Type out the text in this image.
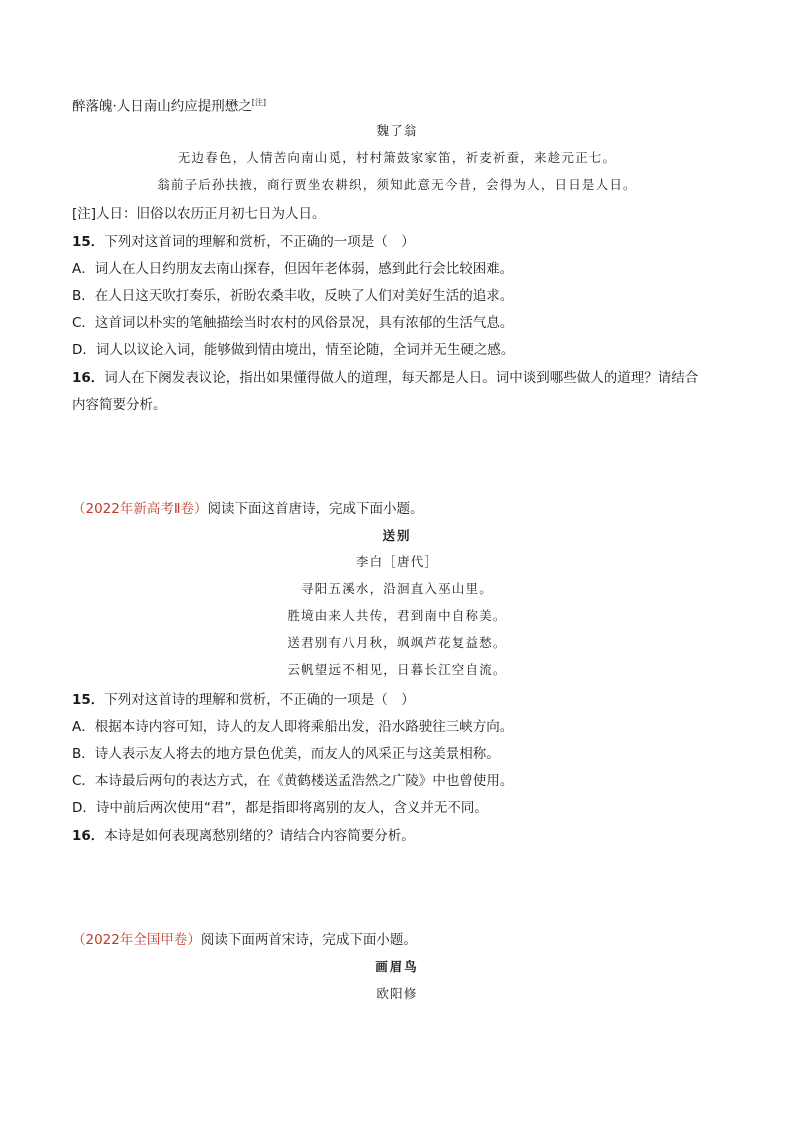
醉落魄·人日南山约应提刑懋之[注]
魏了翁
无边春色，人情苦向南山觅，村村箫鼓家家笛，祈麦祈蚕，来趁元正七。
翁前子后孙扶掖，商行贾坐农耕织，须知此意无今昔，会得为人，日日是人日。
[注]人日：旧俗以农历正月初七日为人日。
15．下列对这首词的理解和赏析，不正确的一项是（　）
A．词人在人日约朋友去南山探春，但因年老体弱，感到此行会比较困难。
B．在人日这天吹打奏乐，祈盼农桑丰收，反映了人们对美好生活的追求。
C．这首词以朴实的笔触描绘当时农村的风俗景况，具有浓郁的生活气息。
D．词人以议论入词，能够做到情由境出，情至论随，全词并无生硬之感。
16．词人在下阕发表议论，指出如果懂得做人的道理，每天都是人日。词中谈到哪些做人的道理？请结合
内容简要分析。
（2022年新高考Ⅱ卷）阅读下面这首唐诗，完成下面小题。
送别
李白［唐代］
寻阳五溪水，沿洄直入巫山里。
胜境由来人共传，君到南中自称美。
送君别有八月秋，飒飒芦花复益愁。
云帆望远不相见，日暮长江空自流。
15．下列对这首诗的理解和赏析，不正确的一项是（　）
A．根据本诗内容可知，诗人的友人即将乘船出发，沿水路驶往三峡方向。
B．诗人表示友人将去的地方景色优美，而友人的风采正与这美景相称。
C．本诗最后两句的表达方式，在《黄鹤楼送孟浩然之广陵》中也曾使用。
D．诗中前后两次使用“君”，都是指即将离别的友人，含义并无不同。
16．本诗是如何表现离愁别绪的？请结合内容简要分析。
（2022年全国甲卷）阅读下面两首宋诗，完成下面小题。
画眉鸟
欧阳修
